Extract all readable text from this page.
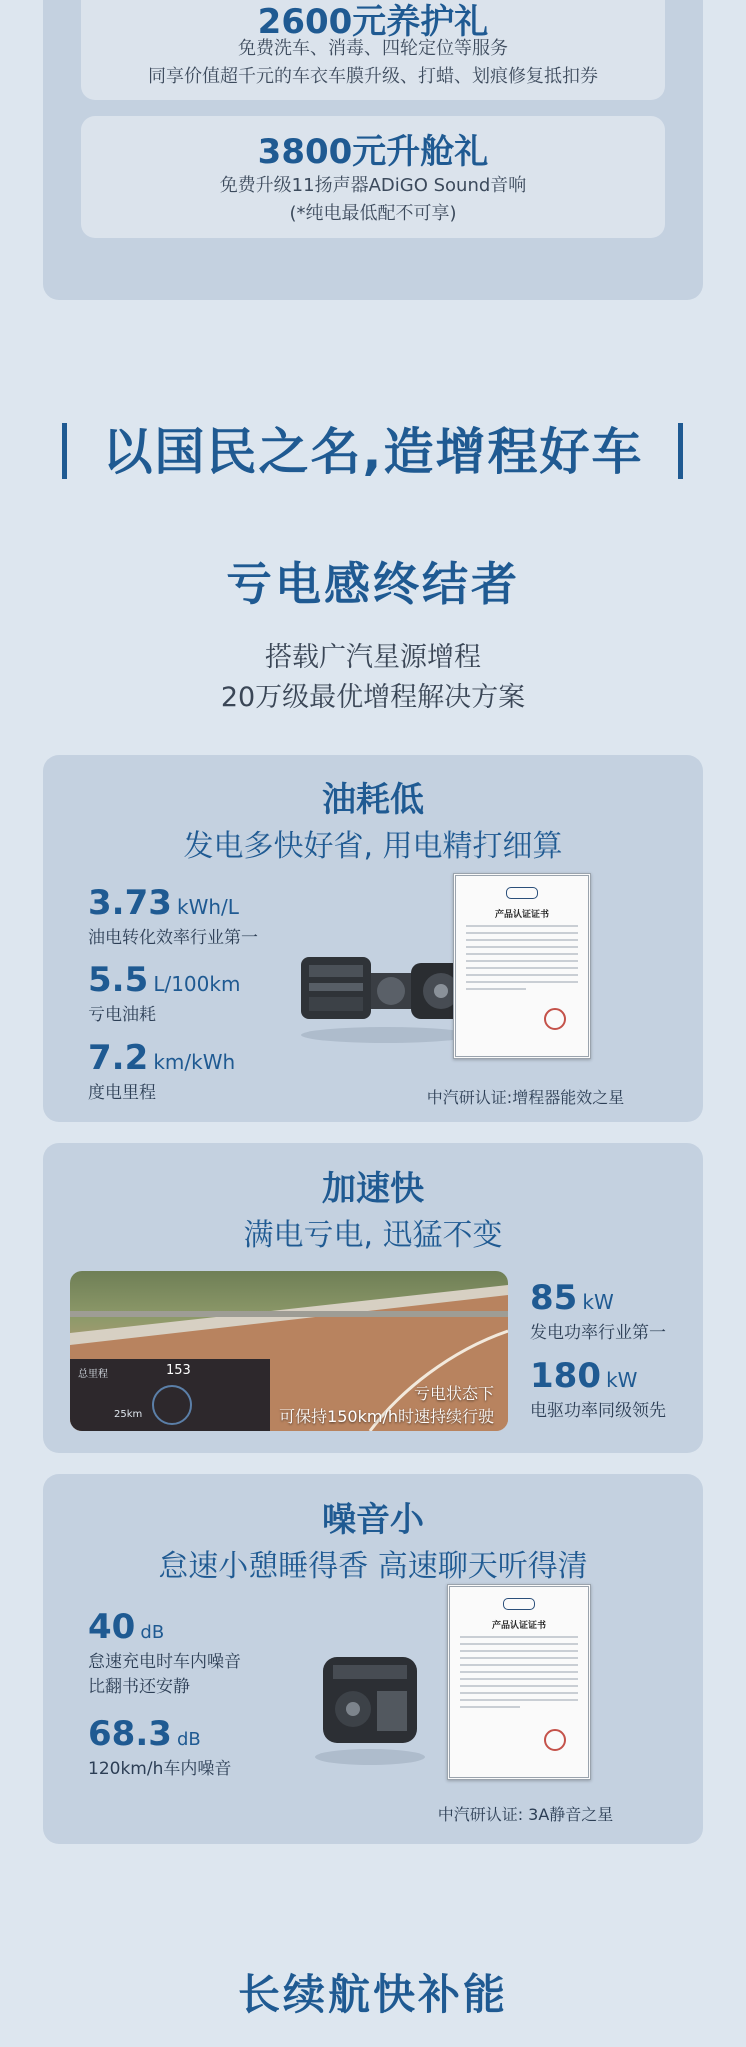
2600元养护礼
免费洗车、消毒、四轮定位等服务
同享价值超千元的车衣车膜升级、打蜡、划痕修复抵扣券
3800元升舱礼
免费升级11扬声器ADiGO Sound音响
(*纯电最低配不可享)
以国民之名,造增程好车
亏电感终结者
搭载广汽星源增程
20万级最优增程解决方案
油耗低
发电多快好省, 用电精打细算
3.73 kWh/L
油电转化效率行业第一
5.5 L/100km
亏电油耗
7.2 km/kWh
度电里程
产品认证证书
中汽研认证:增程器能效之星
加速快
满电亏电, 迅猛不变
总里程	153
25km
亏电状态下
可保持150km/h时速持续行驶
85 kW
发电功率行业第一
180 kW
电驱功率同级领先
噪音小
怠速小憩睡得香 高速聊天听得清
40 dB
怠速充电时车内噪音
比翻书还安静
68.3 dB
120km/h车内噪音
产品认证证书
中汽研认证: 3A静音之星
长续航快补能
